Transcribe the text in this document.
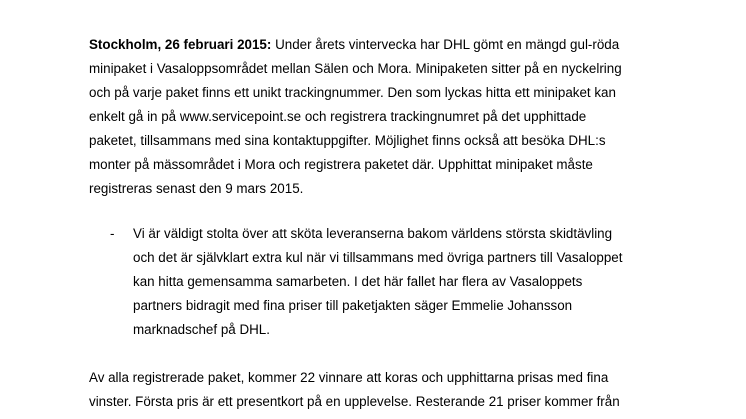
Stockholm, 26 februari 2015: Under årets vintervecka har DHL gömt en mängd gul-röda
minipaket i Vasaloppsområdet mellan Sälen och Mora. Minipaketen sitter på en nyckelring
och på varje paket finns ett unikt trackingnummer. Den som lyckas hitta ett minipaket kan
enkelt gå in på www.servicepoint.se och registrera trackingnumret på det upphittade
paketet, tillsammans med sina kontaktuppgifter. Möjlighet finns också att besöka DHL:s
monter på mässområdet i Mora och registrera paketet där. Upphittat minipaket måste
registreras senast den 9 mars 2015.
-	Vi är väldigt stolta över att sköta leveranserna bakom världens största skidtävling
och det är självklart extra kul när vi tillsammans med övriga partners till Vasaloppet
kan hitta gemensamma samarbeten. I det här fallet har flera av Vasaloppets
partners bidragit med fina priser till paketjakten säger Emmelie Johansson
marknadschef på DHL.
Av alla registrerade paket, kommer 22 vinnare att koras och upphittarna prisas med fina
vinster. Första pris är ett presentkort på en upplevelse. Resterande 21 priser kommer från
